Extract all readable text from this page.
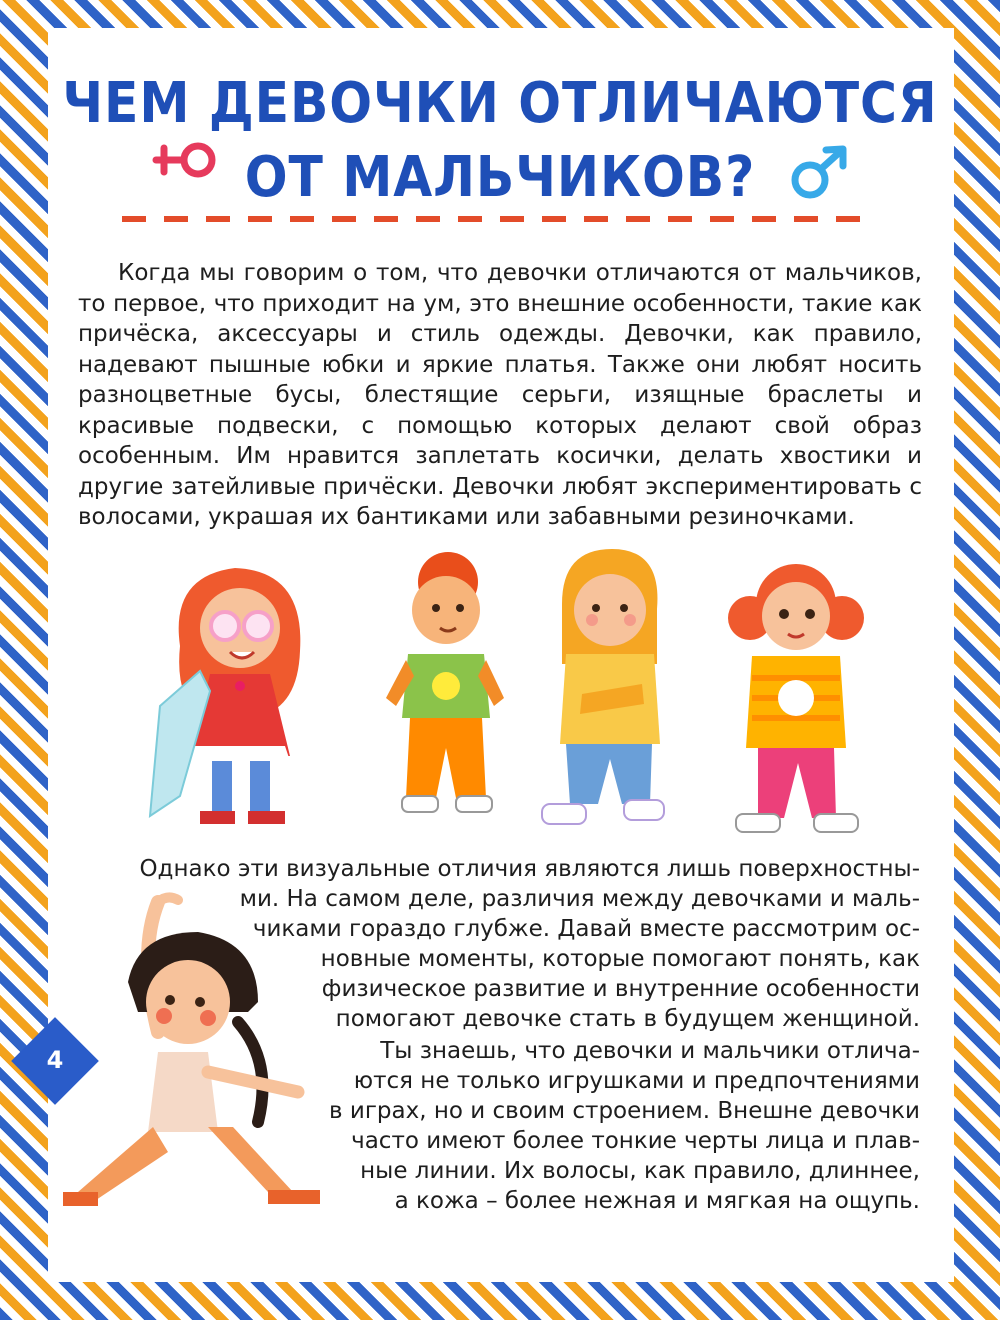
ЧЕМ ДЕВОЧКИ ОТЛИЧАЮТСЯ
ОТ МАЛЬЧИКОВ?

Когда мы говорим о том, что девочки отличаются от мальчиков, то первое, что приходит на ум, это внешние особенности, такие как причёска, аксессуары и стиль одежды. Девочки, как правило, надевают пышные юбки и яркие платья. Также они любят носить разноцветные бусы, блестящие серьги, изящные браслеты и красивые подвески, с помощью которых делают свой образ особенным. Им нравится заплетать косички, делать хвостики и другие затейливые причёски. Девочки любят экспериментировать с волосами, украшая их бантиками или забавными резиночками.

Однако эти визуальные отличия являются лишь поверхностны-
ми. На самом деле, различия между девочками и маль-
чиками гораздо глубже. Давай вместе рассмотрим ос-
новные моменты, которые помогают понять, как
физическое развитие и внутренние особенности
помогают девочке стать в будущем женщиной.
Ты знаешь, что девочки и мальчики отлича-
ются не только игрушками и предпочтениями
в играх, но и своим строением. Внешне девочки
часто имеют более тонкие черты лица и плав-
ные линии. Их волосы, как правило, длиннее,
а кожа – более нежная и мягкая на ощупь.
4
